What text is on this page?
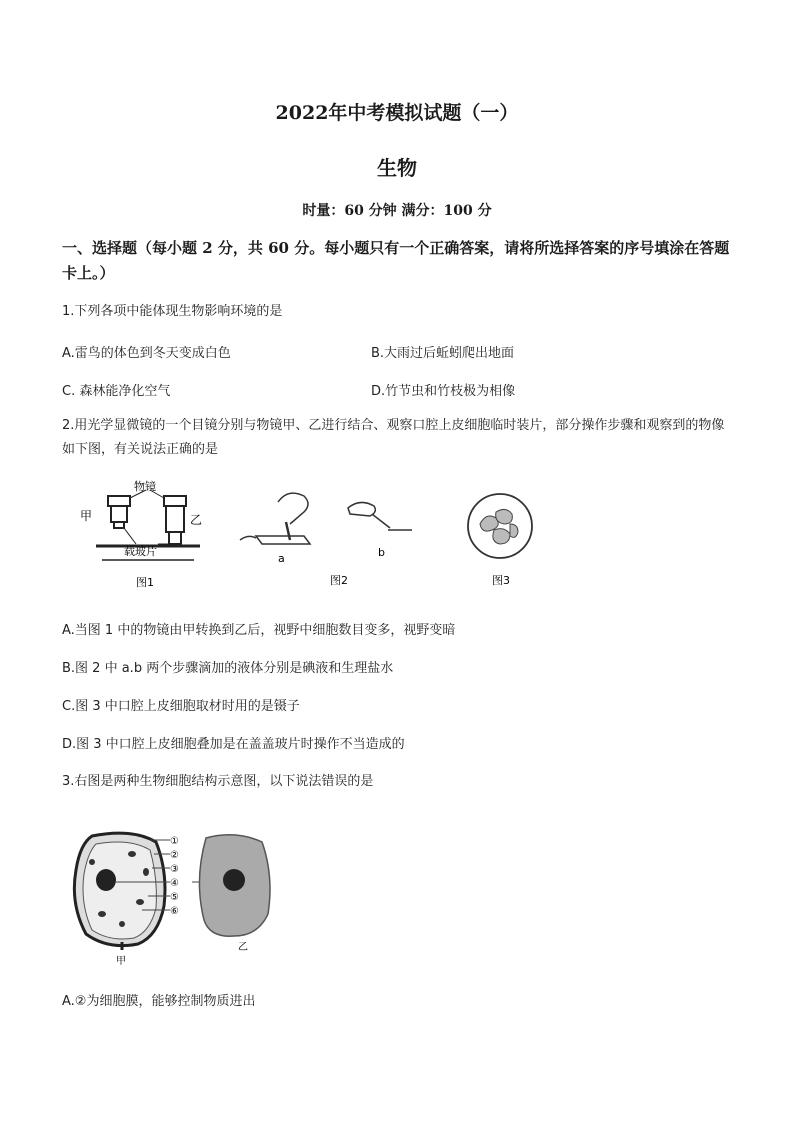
2022年中考模拟试题（一）
生物
时量：60 分钟 满分：100 分
一、选择题（每小题 2 分，共 60 分。每小题只有一个正确答案，请将所选择答案的序号填涂在答题卡上。）
1.下列各项中能体现生物影响环境的是
A.雷鸟的体色到冬天变成白色	B.大雨过后蚯蚓爬出地面
C. 森林能净化空气	D.竹节虫和竹枝极为相像
2.用光学显微镜的一个目镜分别与物镜甲、乙进行结合、观察口腔上皮细胞临时装片，部分操作步骤和观察到的物像如下图，有关说法正确的是
物镜
甲	乙
载玻片
图1
a	b
图2	图3
A.当图 1 中的物镜由甲转换到乙后，视野中细胞数目变多，视野变暗
B.图 2 中 a.b 两个步骤滴加的液体分别是碘液和生理盐水
C.图 3 中口腔上皮细胞取材时用的是镊子
D.图 3 中口腔上皮细胞叠加是在盖盖玻片时操作不当造成的
3.右图是两种生物细胞结构示意图，以下说法错误的是
①
②
③
④
⑤
⑥
甲
乙
A.②为细胞膜，能够控制物质进出
